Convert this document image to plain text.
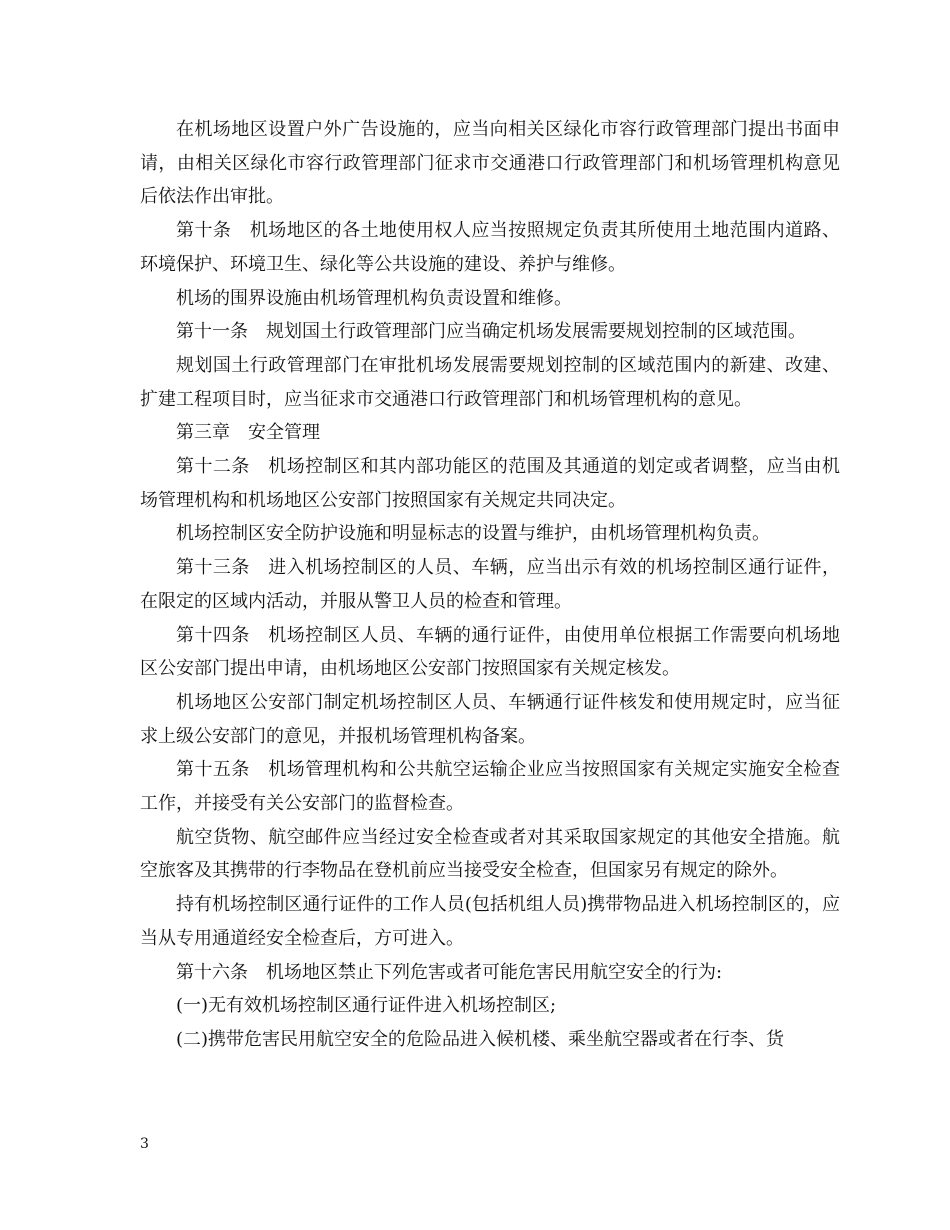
在机场地区设置户外广告设施的，应当向相关区绿化市容行政管理部门提出书面申请，由相关区绿化市容行政管理部门征求市交通港口行政管理部门和机场管理机构意见后依法作出审批。

第十条　机场地区的各土地使用权人应当按照规定负责其所使用土地范围内道路、环境保护、环境卫生、绿化等公共设施的建设、养护与维修。

机场的围界设施由机场管理机构负责设置和维修。

第十一条　规划国土行政管理部门应当确定机场发展需要规划控制的区域范围。

规划国土行政管理部门在审批机场发展需要规划控制的区域范围内的新建、改建、扩建工程项目时，应当征求市交通港口行政管理部门和机场管理机构的意见。

第三章　安全管理

第十二条　机场控制区和其内部功能区的范围及其通道的划定或者调整，应当由机场管理机构和机场地区公安部门按照国家有关规定共同决定。

机场控制区安全防护设施和明显标志的设置与维护，由机场管理机构负责。

第十三条　进入机场控制区的人员、车辆，应当出示有效的机场控制区通行证件，在限定的区域内活动，并服从警卫人员的检查和管理。

第十四条　机场控制区人员、车辆的通行证件，由使用单位根据工作需要向机场地区公安部门提出申请，由机场地区公安部门按照国家有关规定核发。

机场地区公安部门制定机场控制区人员、车辆通行证件核发和使用规定时，应当征求上级公安部门的意见，并报机场管理机构备案。

第十五条　机场管理机构和公共航空运输企业应当按照国家有关规定实施安全检查工作，并接受有关公安部门的监督检查。

航空货物、航空邮件应当经过安全检查或者对其采取国家规定的其他安全措施。航空旅客及其携带的行李物品在登机前应当接受安全检查，但国家另有规定的除外。

持有机场控制区通行证件的工作人员(包括机组人员)携带物品进入机场控制区的，应当从专用通道经安全检查后，方可进入。

第十六条　机场地区禁止下列危害或者可能危害民用航空安全的行为:

(一)无有效机场控制区通行证件进入机场控制区;

(二)携带危害民用航空安全的危险品进入候机楼、乘坐航空器或者在行李、货

3
